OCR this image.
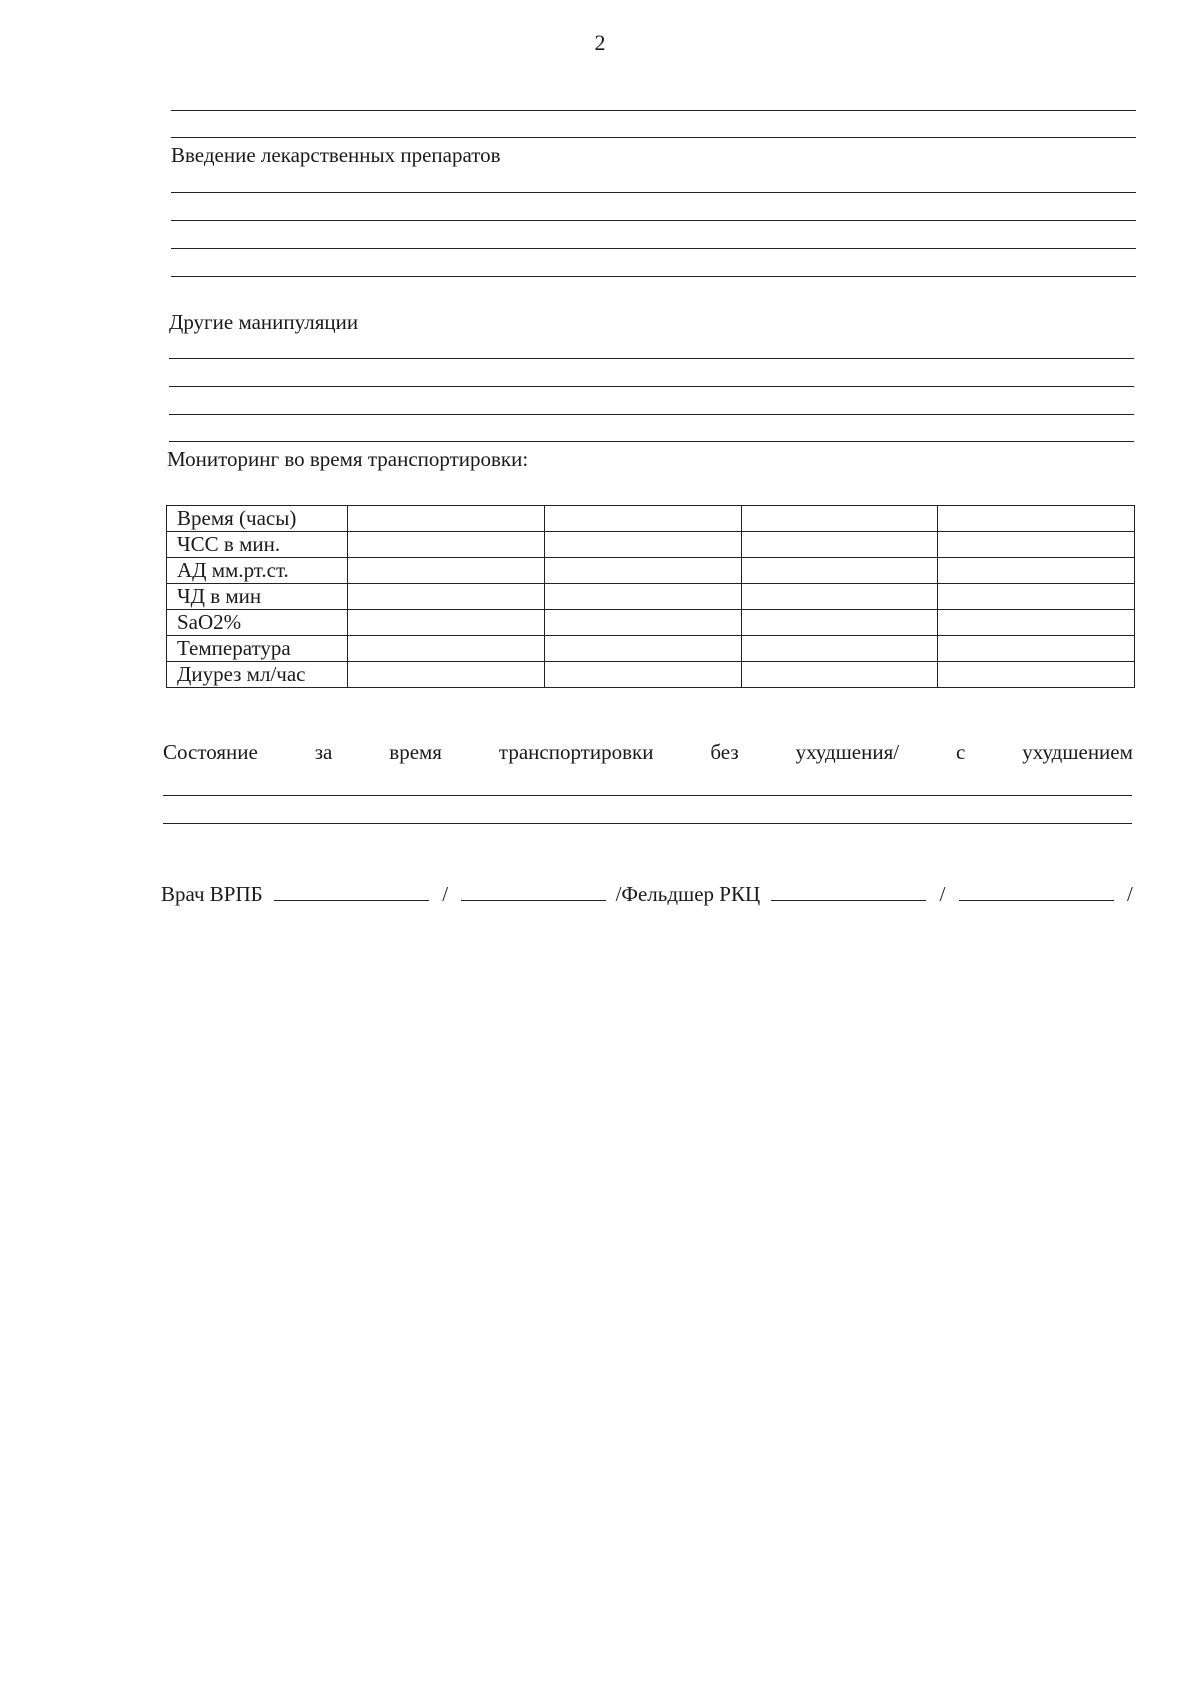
2
Введение лекарственных препаратов
Другие манипуляции
Мониторинг во время транспортировки:
Время (часы)				
ЧСС в мин.				
АД мм.рт.ст.				
ЧД в мин				
SaO2%				
Температура				
Диурез мл/час				
Состояние	за	время	транспортировки	без	ухудшения/	с	ухудшением
Врач ВРПБ	/	/Фельдшер РКЦ	/	/
